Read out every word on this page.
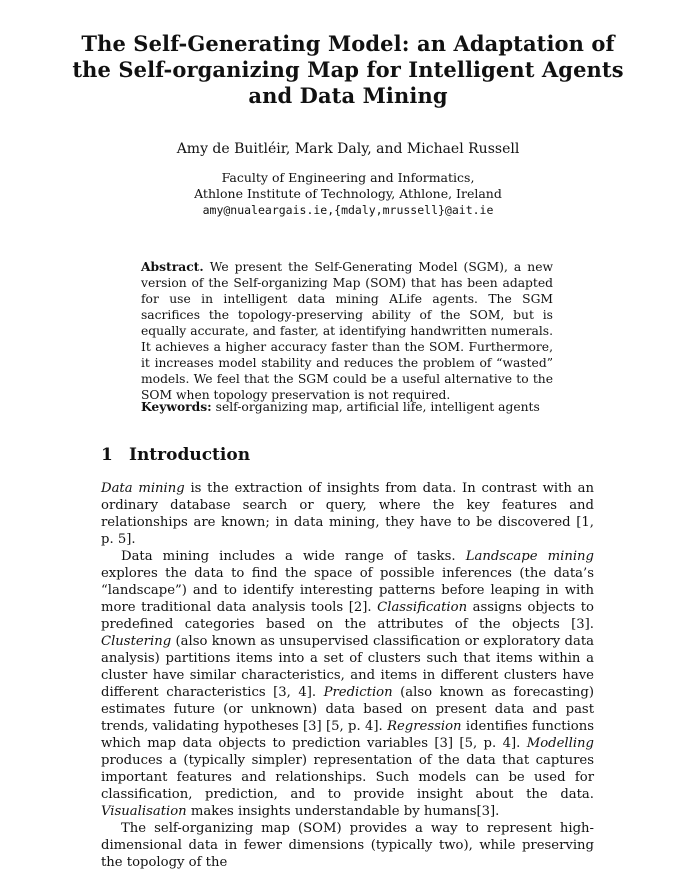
The Self-Generating Model: an Adaptation of
the Self-organizing Map for Intelligent Agents
and Data Mining
Amy de Buitléir, Mark Daly, and Michael Russell
Faculty of Engineering and Informatics,
Athlone Institute of Technology, Athlone, Ireland
amy@nualeargais.ie,{mdaly,mrussell}@ait.ie
Abstract. We present the Self-Generating Model (SGM), a new version of the Self-organizing Map (SOM) that has been adapted for use in intelligent data mining ALife agents. The SGM sacrifices the topology-preserving ability of the SOM, but is equally accurate, and faster, at identifying handwritten numerals. It achieves a higher accuracy faster than the SOM. Furthermore, it increases model stability and reduces the problem of “wasted” models. We feel that the SGM could be a useful alternative to the SOM when topology preservation is not required.
Keywords: self-organizing map, artificial life, intelligent agents
1 Introduction

Data mining is the extraction of insights from data. In contrast with an ordinary database search or query, where the key features and relationships are known; in data mining, they have to be discovered [1, p. 5].

Data mining includes a wide range of tasks. Landscape mining explores the data to find the space of possible inferences (the data’s “landscape”) and to identify interesting patterns before leaping in with more traditional data analysis tools [2]. Classification assigns objects to predefined categories based on the attributes of the objects [3]. Clustering (also known as unsupervised classification or exploratory data analysis) partitions items into a set of clusters such that items within a cluster have similar characteristics, and items in different clusters have different characteristics [3, 4]. Prediction (also known as forecasting) estimates future (or unknown) data based on present data and past trends, validating hypotheses [3] [5, p. 4]. Regression identifies functions which map data objects to prediction variables [3] [5, p. 4]. Modelling produces a (typically simpler) representation of the data that captures important features and relationships. Such models can be used for classification, prediction, and to provide insight about the data. Visualisation makes insights understandable by humans[3].

The self-organizing map (SOM) provides a way to represent high-dimensional data in fewer dimensions (typically two), while preserving the topology of the
